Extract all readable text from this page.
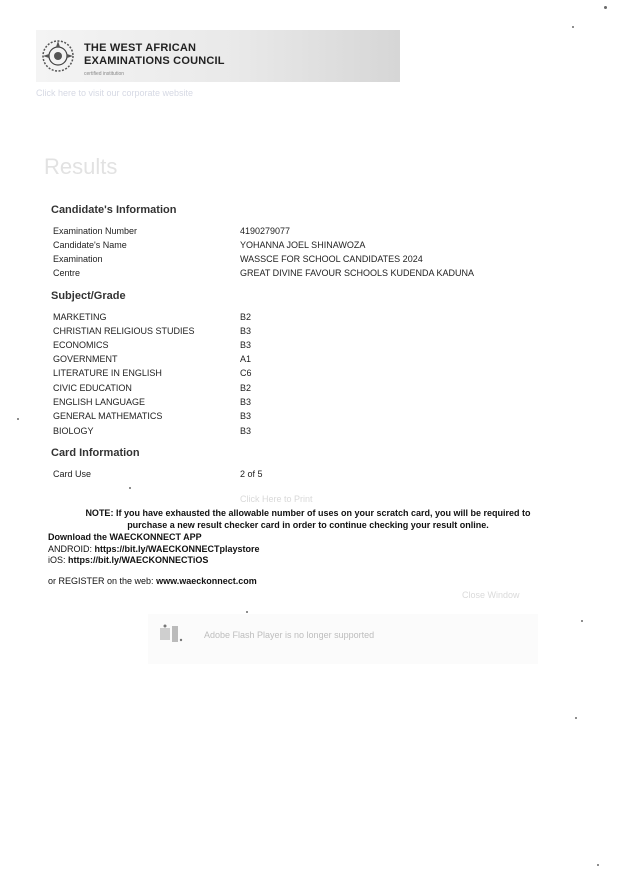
THE WEST AFRICAN
EXAMINATIONS COUNCIL
certified institution
Click here to visit our corporate website
Results
Candidate's Information
Examination Number	4190279077
Candidate's Name	YOHANNA JOEL SHINAWOZA
Examination	WASSCE FOR SCHOOL CANDIDATES 2024
Centre	GREAT DIVINE FAVOUR SCHOOLS KUDENDA KADUNA
Subject/Grade
MARKETING	B2
CHRISTIAN RELIGIOUS STUDIES	B3
ECONOMICS	B3
GOVERNMENT	A1
LITERATURE IN ENGLISH	C6
CIVIC EDUCATION	B2
ENGLISH LANGUAGE	B3
GENERAL MATHEMATICS	B3
BIOLOGY	B3
Card Information
Card Use	2 of 5
Click Here to Print
NOTE: If you have exhausted the allowable number of uses on your scratch card, you will be required to
purchase a new result checker card in order to continue checking your result online.
Download the WAECKONNECT APP
ANDROID: https://bit.ly/WAECKONNECTplaystore
iOS: https://bit.ly/WAECKONNECTiOS
or REGISTER on the web: www.waeckonnect.com
Close Window
Adobe Flash Player is no longer supported
